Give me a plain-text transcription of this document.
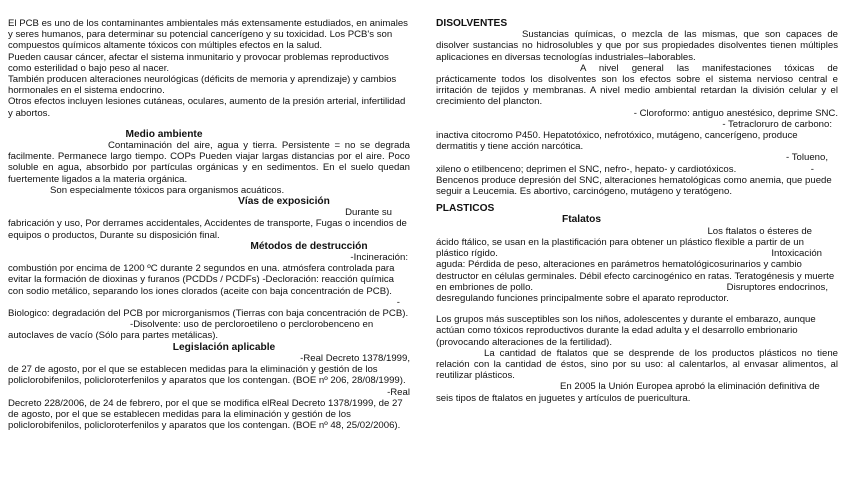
El PCB es uno de los contaminantes ambientales más extensamente estudiados, en animales y seres humanos, para determinar su potencial cancerígeno y su toxicidad. Los PCB's son compuestos químicos altamente tóxicos con múltiples efectos en la salud.

Pueden causar cáncer, afectar el sistema inmunitario y provocar problemas reproductivos como esterilidad o bajo peso al nacer.

También producen alteraciones neurológicas (déficits de memoria y aprendizaje) y cambios hormonales en el sistema endocrino.

Otros efectos incluyen lesiones cutáneas, oculares, aumento de la presión arterial, infertilidad y abortos.

Medio ambiente

Contaminación del aire, agua y tierra. Persistente = no se degrada facilmente. Permanece largo tiempo. COPs Pueden viajar largas distancias por el aire. Poco soluble en agua, absorbido por partículas orgánicas y en sedimentos. En el suelo quedan fuertemente ligados a la materia orgánica.

Son especialmente tóxicos para organismos acuáticos.

Vías de exposición

Durante su

fabricación y uso, Por derrames accidentales, Accidentes de transporte, Fugas o incendios de equipos o productos, Durante su disposición final.

Métodos de destrucción

-Incineración:

combustión por encima de 1200 ºC durante 2 segundos en una. atmósfera controlada para evitar la formación de dioxinas y furanos (PCDDs / PCDFs) -Decloración: reacción química con sodio metálico, separando los iones clorados (aceite con baja concentración de PCB).

-

Biologico: degradación del PCB por microrganismos (Tierras con baja concentración de PCB).

-Disolvente: uso de percloroetileno o perclorobenceno en

autoclaves de vacío (Sólo para partes metálicas).

Legislación aplicable

-Real Decreto 1378/1999,

de 27 de agosto, por el que se establecen medidas para la eliminación y gestión de los policlorobifenilos, policloroterfenilos y aparatos que los contengan. (BOE nº 206, 28/08/1999).

-Real

Decreto 228/2006, de 24 de febrero, por el que se modifica elReal Decreto 1378/1999, de 27 de agosto, por el que se establecen medidas para la eliminación y gestión de los policlorobifenilos, policloroterfenilos y aparatos que los contengan. (BOE nº 48, 25/02/2006).

DISOLVENTES

Sustancias químicas, o mezcla de las mismas, que son capaces de disolver sustancias no hidrosolubles y que por sus propiedades disolventes tienen múltiples aplicaciones en diversas tecnologías industriales–laborables.

A nivel general las manifestaciones tóxicas de prácticamente todos los disolventes son los efectos sobre el sistema nervioso central e irritación de tejidos y membranas. A nivel medio ambiental retardan la división celular y el crecimiento del plancton.

- Cloroformo: antiguo anestésico, deprime SNC.

- Tetracloruro de carbono:

inactiva citocromo P450. Hepatotóxico, nefrotóxico, mutágeno, cancerígeno, produce dermatitis y tiene acción narcótica.

- Tolueno,

xileno o etilbenceno; deprimen el SNC, nefro-, hepato- y cardiotóxicos.	-

Bencenos produce depresión del SNC, alteraciones hematológicas como anemia, que puede seguir a Leucemia. Es abortivo, carcinógeno, mutágeno y teratógeno.

PLASTICOS

Ftalatos

Los ftalatos o ésteres de

ácido ftálico, se usan en la plastificación para obtener un plástico flexible a partir de un plástico rígido.	Intoxicación

aguda: Pérdida de peso, alteraciones en parámetros hematológicosurinarios y cambio destructor en células germinales. Débil efecto carcinogénico en ratas. Teratogénesis y muerte en embriones de pollo.	Disruptores endocrinos,

desregulando funciones principalmente sobre el aparato reproductor.

Los grupos más susceptibles son los niños, adolescentes y durante el embarazo, aunque actúan como tóxicos reproductivos durante la edad adulta y el desarrollo embrionario (provocando alteraciones de la fertilidad).

La cantidad de ftalatos que se desprende de los productos plásticos no tiene relación con la cantidad de éstos, sino por su uso: al calentarlos, al envasar alimentos, al reutilizar plásticos.

En 2005 la Unión Europea aprobó la eliminación definitiva de seis tipos de ftalatos en juguetes y artículos de puericultura.
